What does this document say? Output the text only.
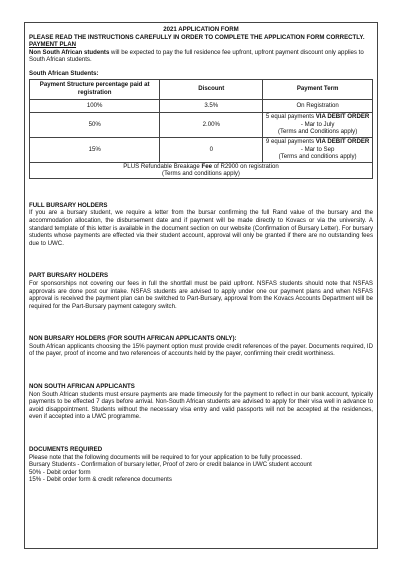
2021 APPLICATION FORM
PLEASE READ THE INSTRUCTIONS CAREFULLY IN ORDER TO COMPLETE THE APPLICATION FORM CORRECTLY.
PAYMENT PLAN
Non South African students will be expected to pay the full residence fee upfront, upfront payment discount only applies to South African students.
South African Students:
Payment Structure percentage paid at registration	Discount	Payment Term
100%	3.5%	On Registration
50%	2.00%	5 equal payments VIA DEBIT ORDER
- Mar to July
(Terms and Conditions apply)

15%	0	9 equal payments VIA DEBIT ORDER
- Mar to Sep
(Terms and conditions apply)

PLUS Refundable Breakage Fee of R2900 on registration
(Terms and conditions apply)		
FULL BURSARY HOLDERS
If you are a bursary student, we require a letter from the bursar confirming the full Rand value of the bursary and the accommodation allocation, the disbursement date and if payment will be made directly to Kovacs or via the university. A standard template of this letter is available in the document section on our website (Confirmation of Bursary Letter). For bursary students whose payments are effected via their student account, approval will only be granted if there are no outstanding fees due to UWC.
PART BURSARY HOLDERS
For sponsorships not covering our fees in full the shortfall must be paid upfront. NSFAS students should note that NSFAS approvals are done post our intake. NSFAS students are advised to apply under one our payment plans and when NSFAS approval is received the payment plan can be switched to Part-Bursary, approval from the Kovacs Accounts Department will be required for the Part-Bursary payment category switch.
NON BURSARY HOLDERS (FOR SOUTH AFRICAN APPLICANTS ONLY):
South African applicants choosing the 15% payment option must provide credit references of the payer. Documents required, ID of the payer, proof of income and two references of accounts held by the payer, confirming their credit worthiness.
NON SOUTH AFRICAN APPLICANTS
Non South African students must ensure payments are made timeously for the payment to reflect in our bank account, typically payments to be effected 7 days before arrival. Non-South African students are advised to apply for their visa well in advance to avoid disappointment. Students without the necessary visa entry and valid passports will not be accepted at the residences, even if accepted into a UWC programme.
DOCUMENTS REQUIRED
Please note that the following documents will be required to for your application to be fully processed.
Bursary Students - Confirmation of bursary letter, Proof of zero or credit balance in UWC student account
50% - Debit order form
15% - Debit order form & credit reference documents
